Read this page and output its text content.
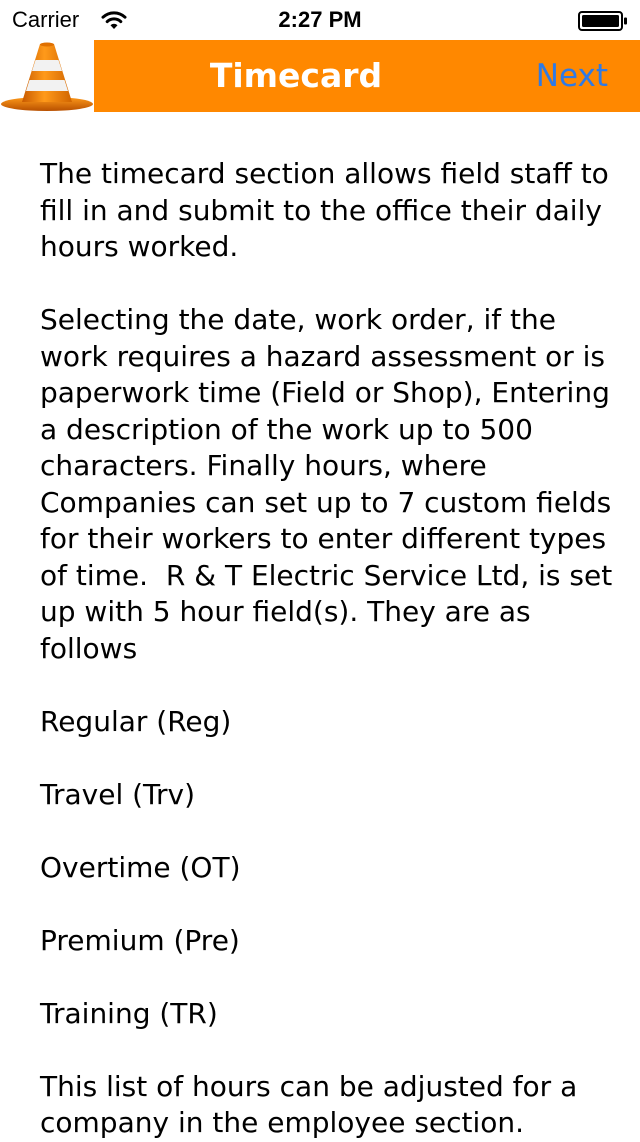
Carrier	2:27 PM
Timecard	Next

The timecard section allows field staff to fill in and submit to the office their daily hours worked.

Selecting the date, work order, if the work requires a hazard assessment or is paperwork time (Field or Shop), Entering a description of the work up to 500 characters. Finally hours, where Companies can set up to 7 custom fields for their workers to enter different types of time.  R & T Electric Service Ltd, is set up with 5 hour field(s). They are as follows

Regular (Reg)

Travel (Trv)

Overtime (OT)

Premium (Pre)

Training (TR)

This list of hours can be adjusted for a company in the employee section.
